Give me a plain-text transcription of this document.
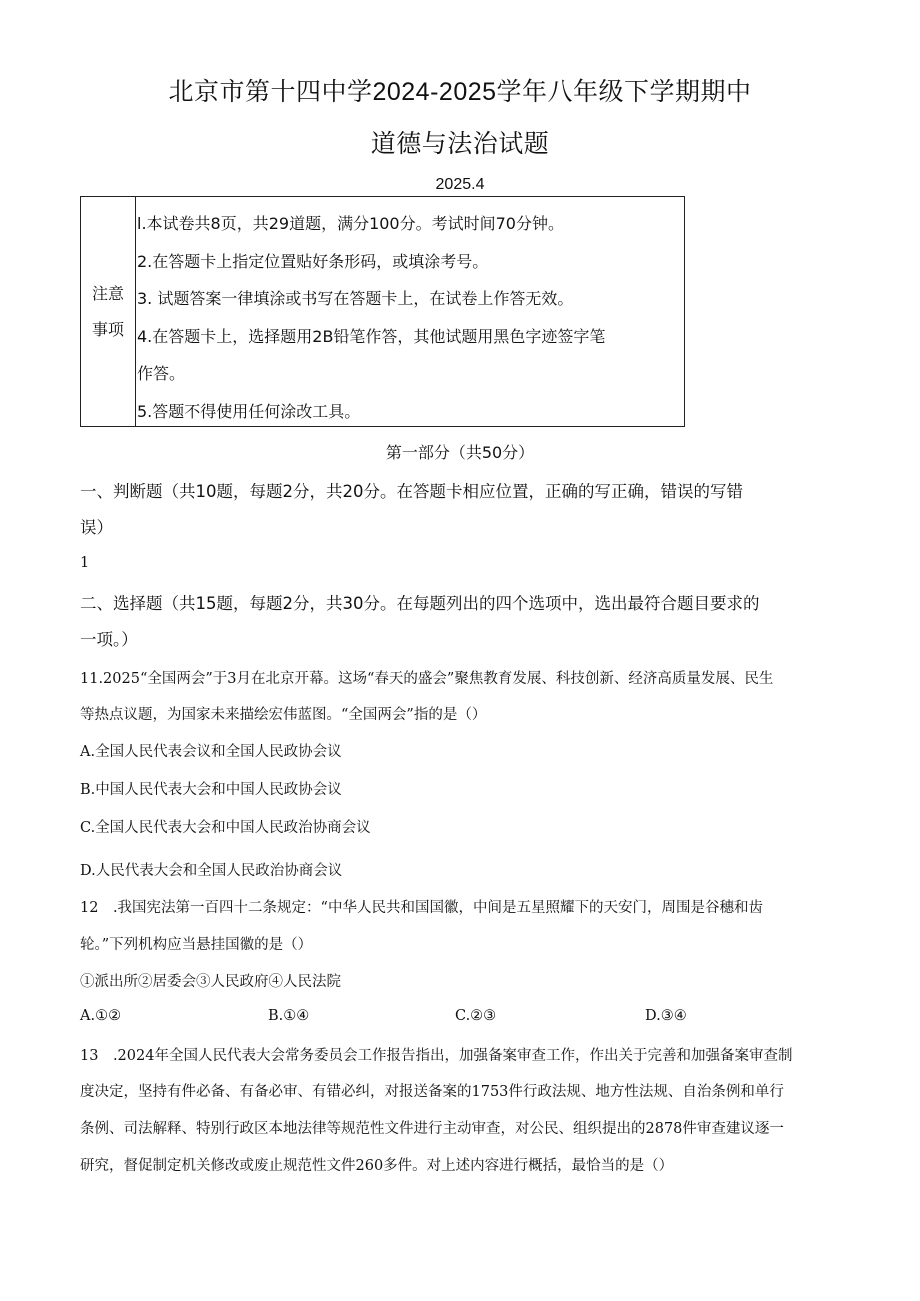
北京市第十四中学2024-2025学年八年级下学期期中
道德与法治试题
2025.4
注意
事项
l.本试卷共8页，共29道题，满分100分。考试时间70分钟。
2.在答题卡上指定位置贴好条形码，或填涂考号。
3. 试题答案一律填涂或书写在答题卡上，在试卷上作答无效。
4.在答题卡上，选择题用2B铅笔作答，其他试题用黑色字迹签字笔
作答。
5.答题不得使用任何涂改工具。
第一部分（共50分）
一、判断题（共10题，每题2分，共20分。在答题卡相应位置，正确的写正确，错误的写错
误）
1
二、选择题（共15题，每题2分，共30分。在每题列出的四个选项中，选出最符合题目要求的
一项。）
11.2025“全国两会”于3月在北京开幕。这场“春天的盛会”聚焦教育发展、科技创新、经济高质量发展、民生
等热点议题，为国家未来描绘宏伟蓝图。“全国两会”指的是（）
A.全国人民代表会议和全国人民政协会议
B.中国人民代表大会和中国人民政协会议
C.全国人民代表大会和中国人民政治协商会议
D.人民代表大会和全国人民政治协商会议
12　.我国宪法第一百四十二条规定：“中华人民共和国国徽，中间是五星照耀下的天安门，周围是谷穗和齿
轮。”下列机构应当悬挂国徽的是（）
①派出所②居委会③人民政府④人民法院
A.①②	B.①④	C.②③	D.③④
13　.2024年全国人民代表大会常务委员会工作报告指出，加强备案审查工作，作出关于完善和加强备案审查制
度决定，坚持有件必备、有备必审、有错必纠，对报送备案的1753件行政法规、地方性法规、自治条例和单行
条例、司法解释、特别行政区本地法律等规范性文件进行主动审查，对公民、组织提出的2878件审查建议逐一
研究，督促制定机关修改或废止规范性文件260多件。对上述内容进行概括，最恰当的是（）
